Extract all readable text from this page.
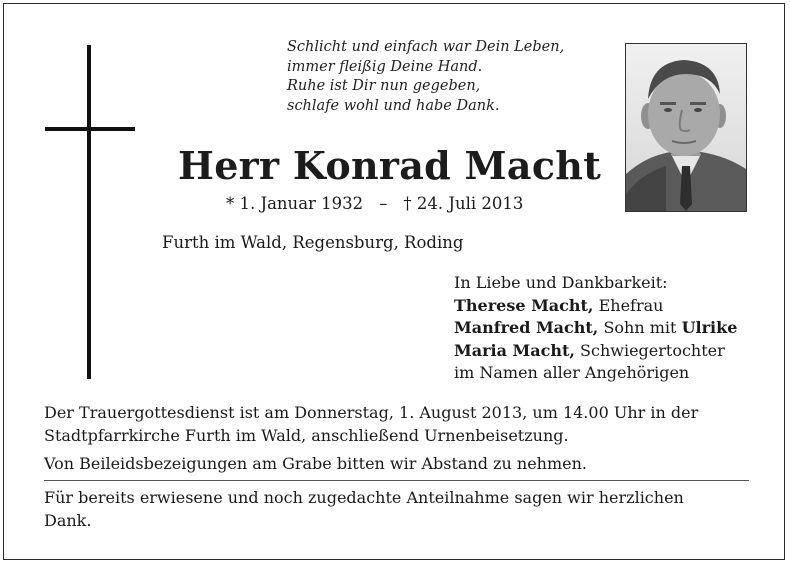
Schlicht und einfach war Dein Leben,
immer fleißig Deine Hand.
Ruhe ist Dir nun gegeben,
schlafe wohl und habe Dank.
Herr Konrad Macht
* 1. Januar 1932 – † 24. Juli 2013
Furth im Wald, Regensburg, Roding
In Liebe und Dankbarkeit:
Therese Macht, Ehefrau
Manfred Macht, Sohn mit Ulrike
Maria Macht, Schwiegertochter
im Namen aller Angehörigen
Der Trauergottesdienst ist am Donnerstag, 1. August 2013, um 14.00 Uhr in der
Stadtpfarrkirche Furth im Wald, anschließend Urnenbeisetzung.
Von Beileidsbezeigungen am Grabe bitten wir Abstand zu nehmen.
Für bereits erwiesene und noch zugedachte Anteilnahme sagen wir herzlichen
Dank.
